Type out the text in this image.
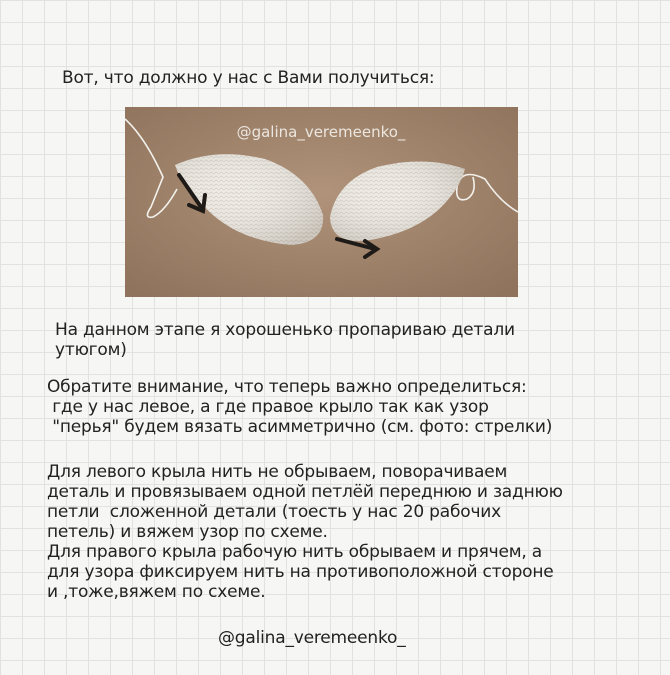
Вот, что должно у нас с Вами получиться:
@galina_veremeenko_
На данном этапе я хорошенько пропариваю детали
утюгом)
Обратите внимание, что теперь важно определиться:
где у нас левое, а где правое крыло так как узор
"перья" будем вязать асимметрично (см. фото: стрелки)
Для левого крыла нить не обрываем, поворачиваем
деталь и провязываем одной петлёй переднюю и заднюю
петли  сложенной детали (тоесть у нас 20 рабочих
петель) и вяжем узор по схеме.
Для правого крыла рабочую нить обрываем и прячем, а
для узора фиксируем нить на противоположной стороне
и ,тоже,вяжем по схеме.
@galina_veremeenko_
